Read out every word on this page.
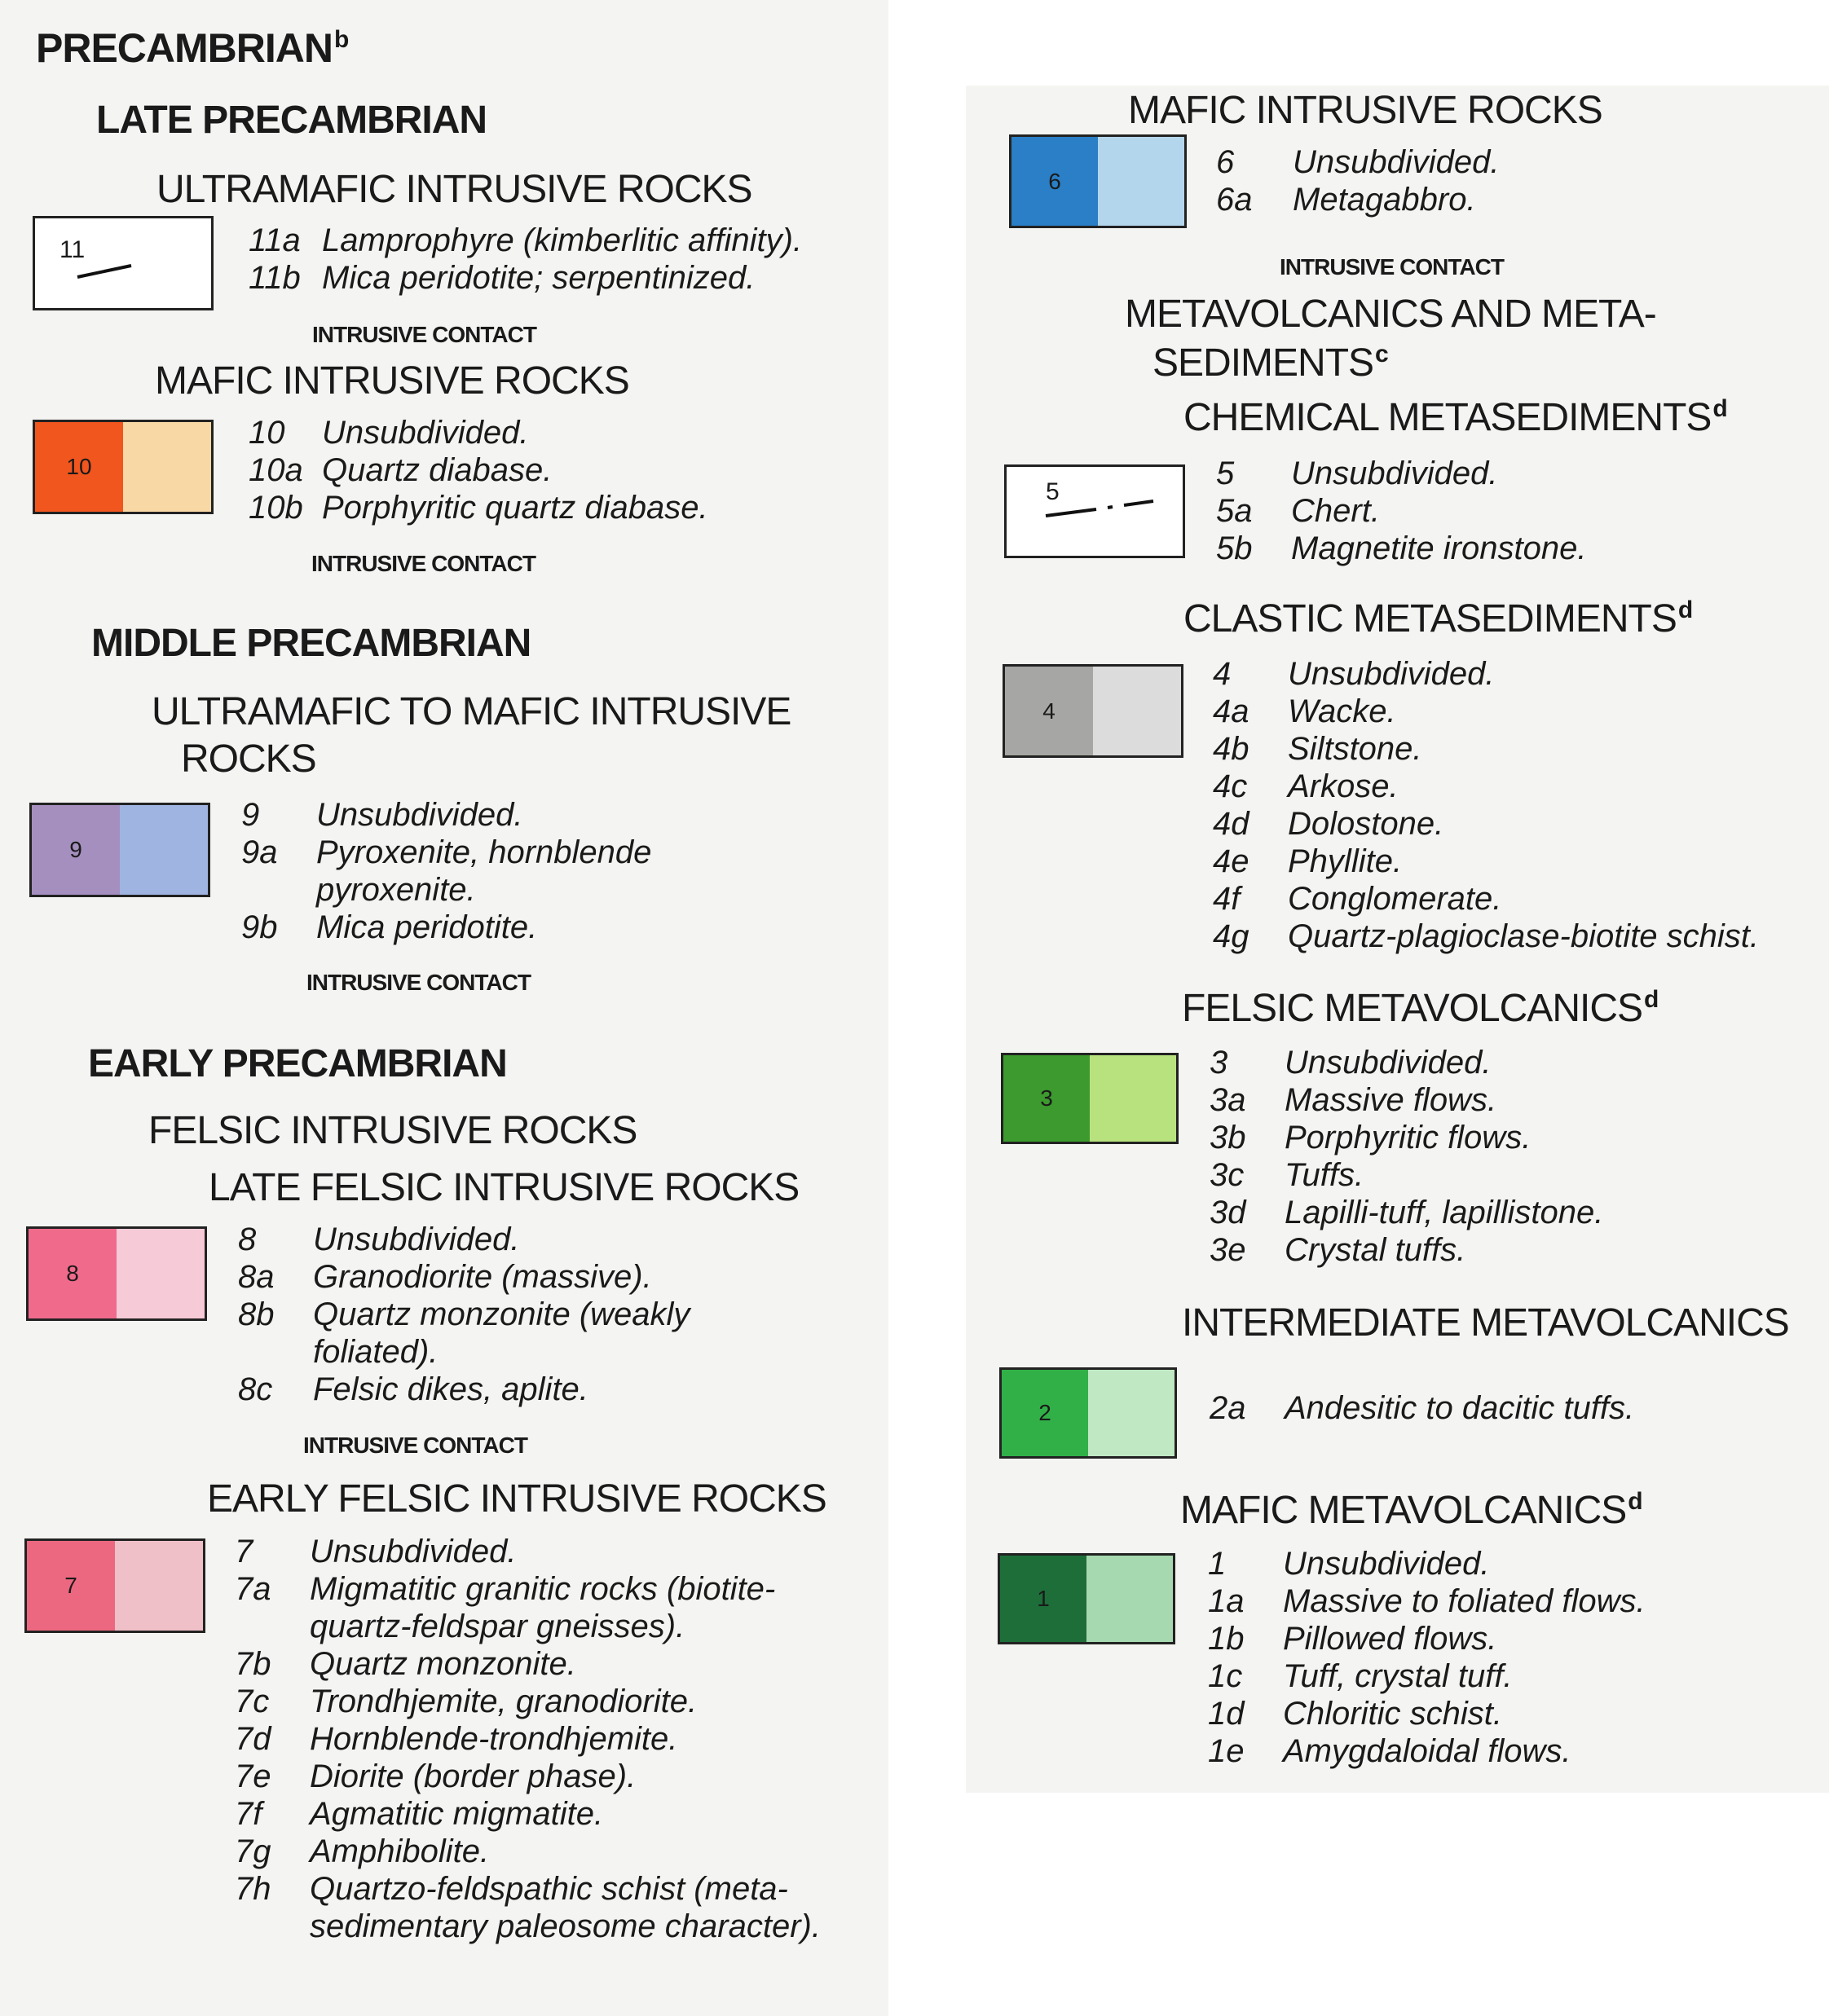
PRECAMBRIAN$^b$
LATE PRECAMBRIAN
ULTRAMAFIC INTRUSIVE ROCKS
11	11a Lamprophyre (kimberlitic affinity).
11b Mica peridotite; serpentinized.
INTRUSIVE CONTACT
MAFIC INTRUSIVE ROCKS
10
10	Unsubdivided.
10a Quartz diabase.
10b Porphyritic quartz diabase.
INTRUSIVE CONTACT
MIDDLE PRECAMBRIAN
ULTRAMAFIC TO MAFIC INTRUSIVE
ROCKS
9
9	Unsubdivided.
9a	Pyroxenite, hornblende pyroxenite.
9b	Mica peridotite.
INTRUSIVE CONTACT
EARLY PRECAMBRIAN
FELSIC INTRUSIVE ROCKS
LATE FELSIC INTRUSIVE ROCKS
8
8	Unsubdivided.
8a	Granodiorite (massive).
8b	Quartz monzonite (weakly foliated).
8c	Felsic dikes, aplite.
INTRUSIVE CONTACT
EARLY FELSIC INTRUSIVE ROCKS
7
7	Unsubdivided.
7a	Migmatitic granitic rocks (biotite-quartz-feldspar gneisses).
7b	Quartz monzonite.
7c	Trondhjemite, granodiorite.
7d	Hornblende-trondhjemite.
7e	Diorite (border phase).
7f	Agmatitic migmatite.
7g	Amphibolite.
7h	Quartzo-feldspathic schist (meta-sedimentary paleosome character).
MAFIC INTRUSIVE ROCKS
6
6	Unsubdivided.
6a	Metagabbro.
INTRUSIVE CONTACT
METAVOLCANICS AND META-
SEDIMENTS$^c$
CHEMICAL METASEDIMENTS$^d$
5
5	Unsubdivided.
5a	Chert.
5b	Magnetite ironstone.
CLASTIC METASEDIMENTS$^d$
4
4	Unsubdivided.
4a	Wacke.
4b	Siltstone.
4c	Arkose.
4d	Dolostone.
4e	Phyllite.
4f	Conglomerate.
4g	Quartz-plagioclase-biotite schist.
FELSIC METAVOLCANICS$^d$
3
3	Unsubdivided.
3a	Massive flows.
3b	Porphyritic flows.
3c	Tuffs.
3d	Lapilli-tuff, lapillistone.
3e	Crystal tuffs.
INTERMEDIATE METAVOLCANICS
2	2a	Andesitic to dacitic tuffs.
MAFIC METAVOLCANICS$^d$
1
1	Unsubdivided.
1a	Massive to foliated flows.
1b	Pillowed flows.
1c	Tuff, crystal tuff.
1d	Chloritic schist.
1e	Amygdaloidal flows.
